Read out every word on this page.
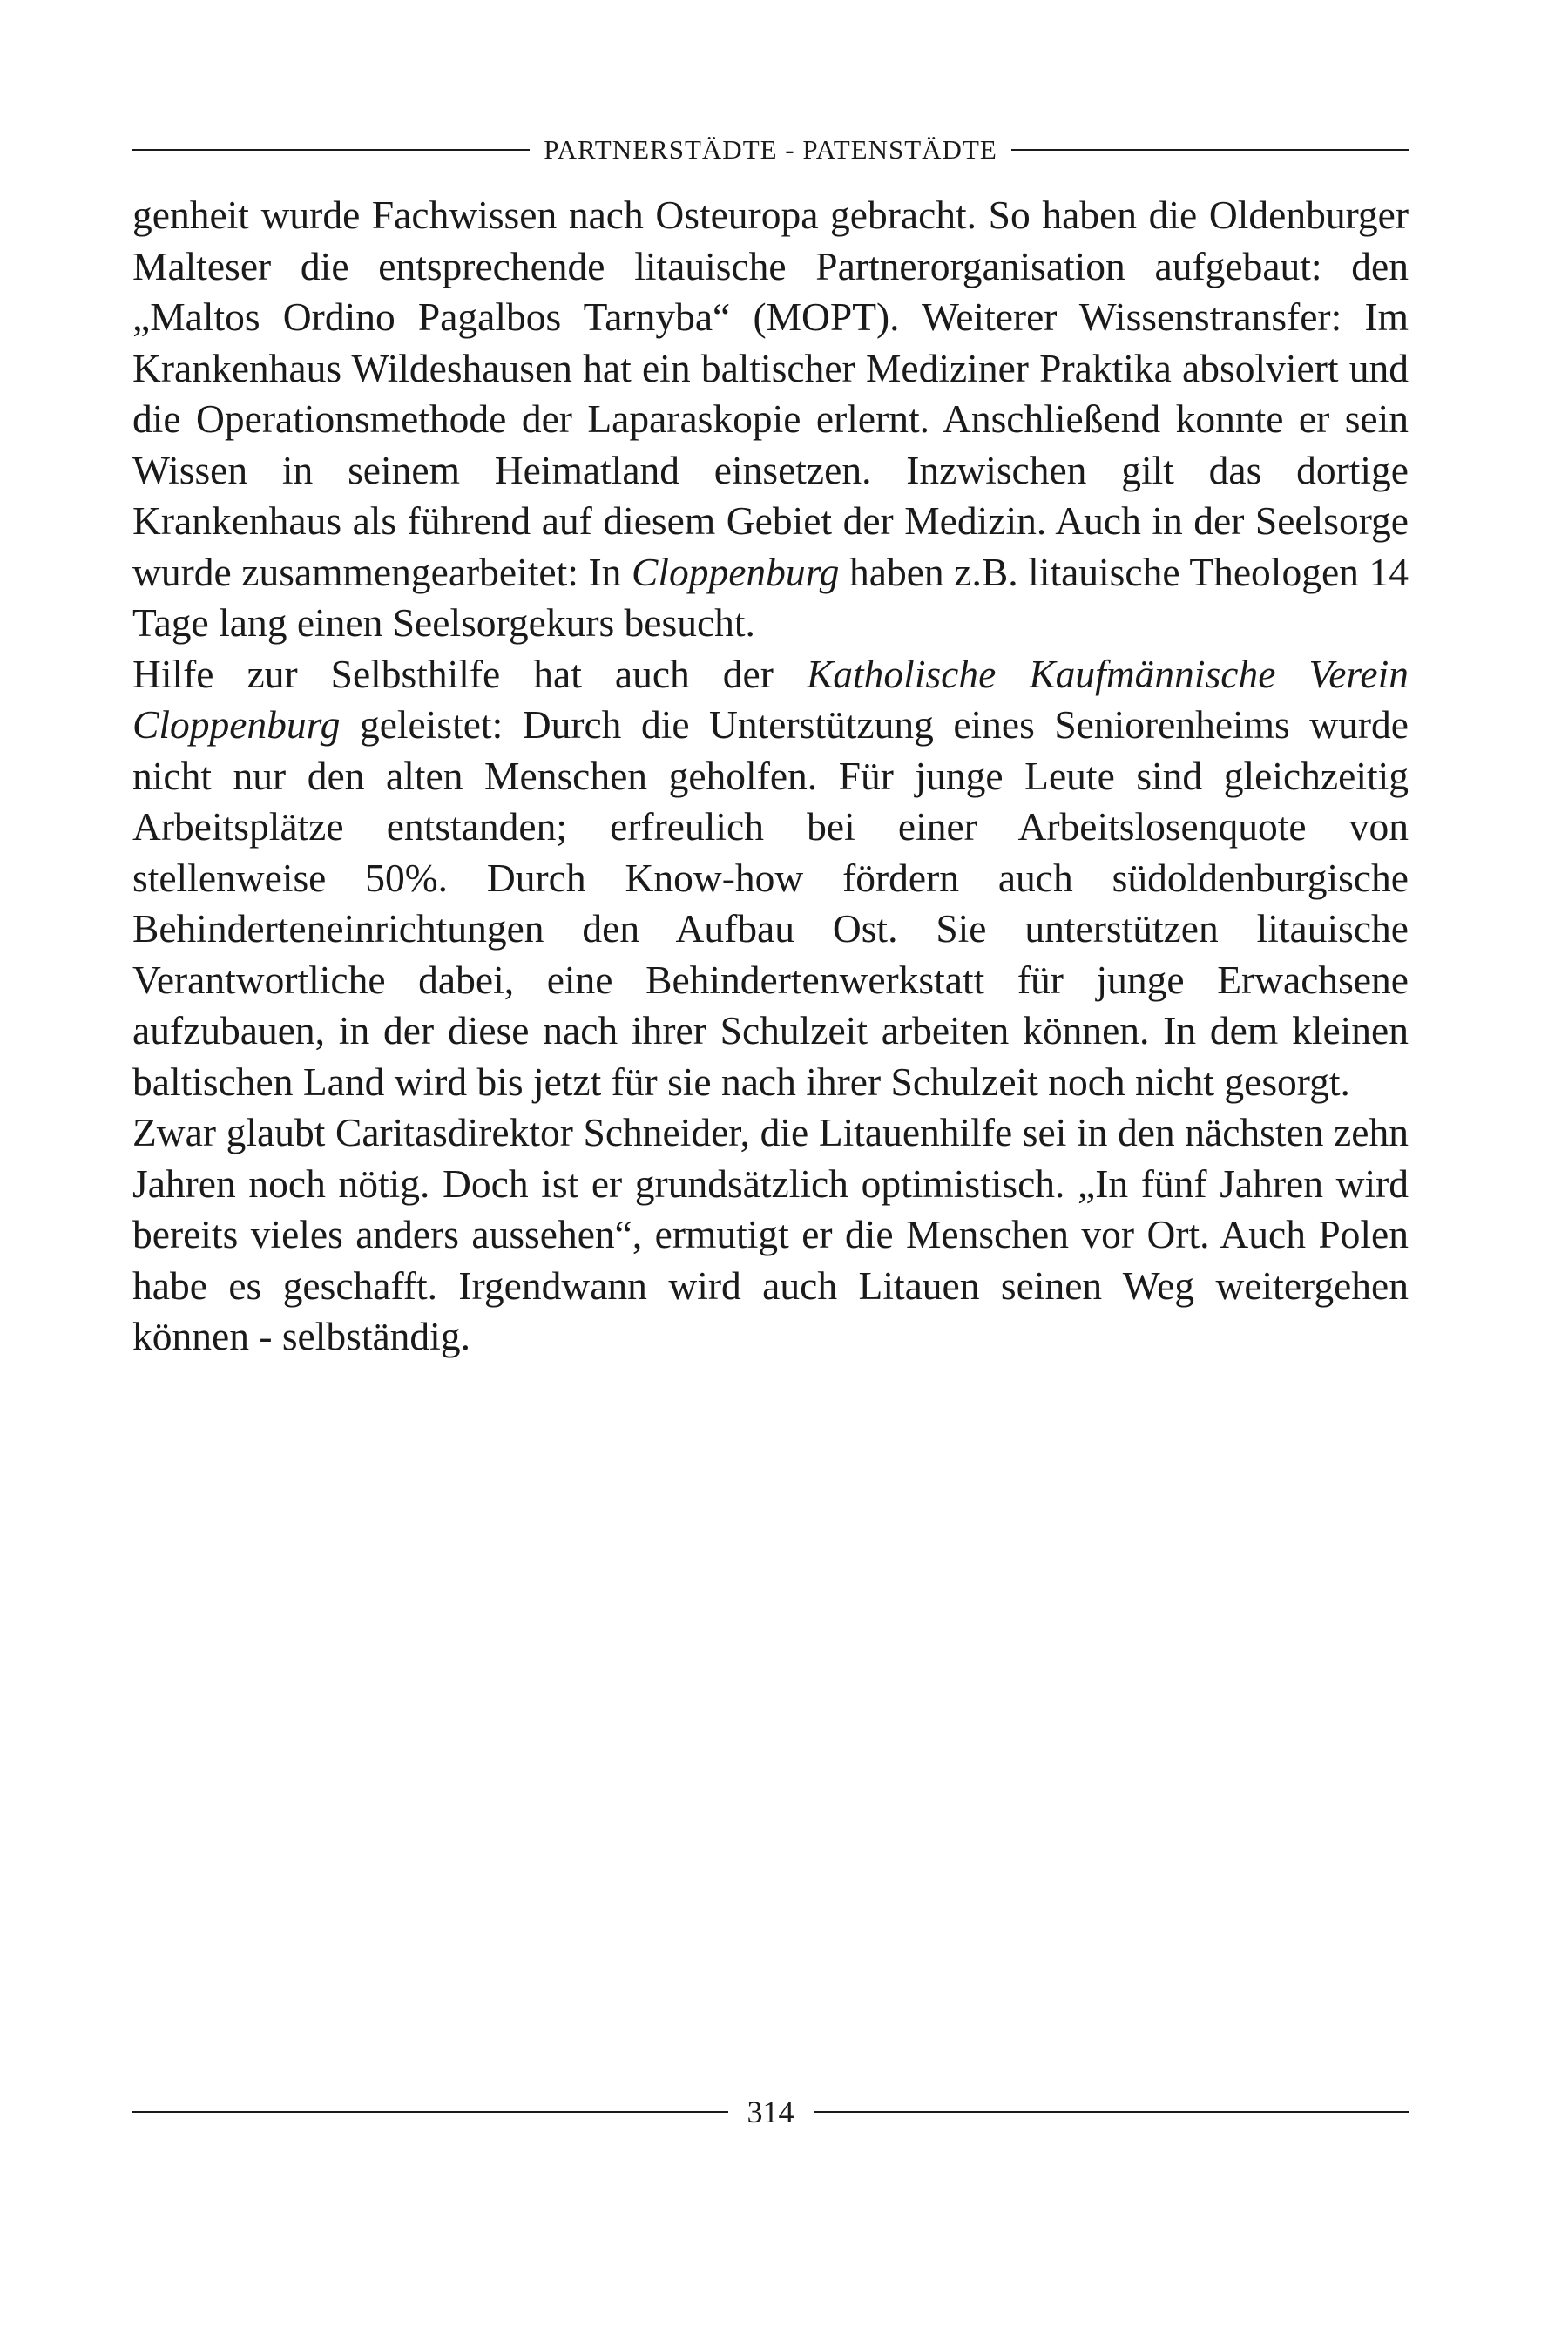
PARTNERSTÄDTE - PATENSTÄDTE

genheit wurde Fachwissen nach Osteuropa gebracht. So haben die Oldenburger Malteser die entsprechende litauische Partnerorganisation aufgebaut: den „Maltos Ordino Pagalbos Tarnyba“ (MOPT). Weiterer Wissenstransfer: Im Krankenhaus Wildeshausen hat ein baltischer Mediziner Praktika absolviert und die Operationsmethode der Laparaskopie erlernt. Anschließend konnte er sein Wissen in seinem Heimatland einsetzen. Inzwischen gilt das dortige Krankenhaus als führend auf diesem Gebiet der Medizin. Auch in der Seelsorge wurde zusammengearbeitet: In Cloppenburg haben z.B. litauische Theologen 14 Tage lang einen Seelsorgekurs besucht.

Hilfe zur Selbsthilfe hat auch der Katholische Kaufmännische Verein Cloppenburg geleistet: Durch die Unterstützung eines Seniorenheims wurde nicht nur den alten Menschen geholfen. Für junge Leute sind gleichzeitig Arbeitsplätze entstanden; erfreulich bei einer Arbeitslosenquote von stellenweise 50%. Durch Know-how fördern auch südoldenburgische Behinderteneinrichtungen den Aufbau Ost. Sie unterstützen litauische Verantwortliche dabei, eine Behindertenwerkstatt für junge Erwachsene aufzubauen, in der diese nach ihrer Schulzeit arbeiten können. In dem kleinen baltischen Land wird bis jetzt für sie nach ihrer Schulzeit noch nicht gesorgt.

Zwar glaubt Caritasdirektor Schneider, die Litauenhilfe sei in den nächsten zehn Jahren noch nötig. Doch ist er grundsätzlich optimistisch. „In fünf Jahren wird bereits vieles anders aussehen“, ermutigt er die Menschen vor Ort. Auch Polen habe es geschafft. Irgendwann wird auch Litauen seinen Weg weitergehen können - selbständig.

314
